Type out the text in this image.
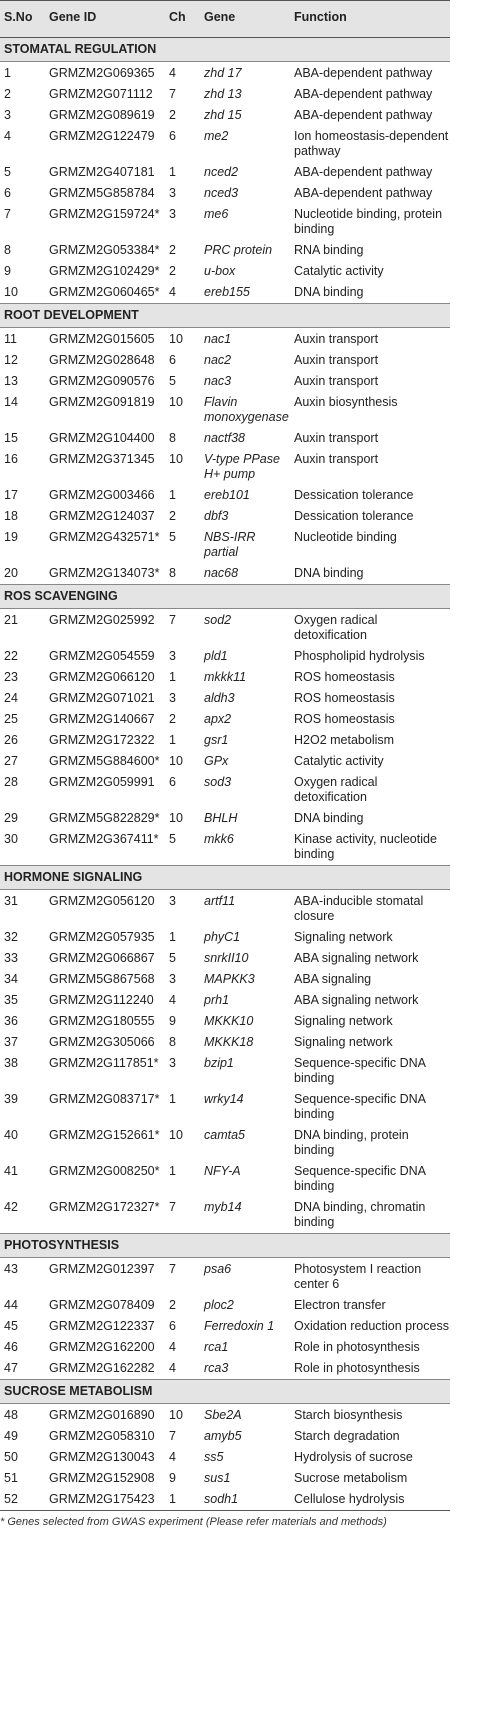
S.No	Gene ID	Ch	Gene	Function
STOMATAL REGULATION				
1	GRMZM2G069365	4	zhd 17	ABA-dependent pathway
2	GRMZM2G071112	7	zhd 13	ABA-dependent pathway
3	GRMZM2G089619	2	zhd 15	ABA-dependent pathway
4	GRMZM2G122479	6	me2	Ion homeostasis-dependent pathway
5	GRMZM2G407181	1	nced2	ABA-dependent pathway
6	GRMZM5G858784	3	nced3	ABA-dependent pathway
7	GRMZM2G159724*	3	me6	Nucleotide binding, protein binding
8	GRMZM2G053384*	2	PRC protein	RNA binding
9	GRMZM2G102429*	2	u-box	Catalytic activity
10	GRMZM2G060465*	4	ereb155	DNA binding
ROOT DEVELOPMENT				
11	GRMZM2G015605	10	nac1	Auxin transport
12	GRMZM2G028648	6	nac2	Auxin transport
13	GRMZM2G090576	5	nac3	Auxin transport
14	GRMZM2G091819	10	Flavin monoxygenase	Auxin biosynthesis
15	GRMZM2G104400	8	nactf38	Auxin transport
16	GRMZM2G371345	10	V-type PPase H+ pump	Auxin transport
17	GRMZM2G003466	1	ereb101	Dessication tolerance
18	GRMZM2G124037	2	dbf3	Dessication tolerance
19	GRMZM2G432571*	5	NBS-IRR partial	Nucleotide binding
20	GRMZM2G134073*	8	nac68	DNA binding
ROS SCAVENGING				
21	GRMZM2G025992	7	sod2	Oxygen radical detoxification
22	GRMZM2G054559	3	pld1	Phospholipid hydrolysis
23	GRMZM2G066120	1	mkkk11	ROS homeostasis
24	GRMZM2G071021	3	aldh3	ROS homeostasis
25	GRMZM2G140667	2	apx2	ROS homeostasis
26	GRMZM2G172322	1	gsr1	H2O2 metabolism
27	GRMZM5G884600*	10	GPx	Catalytic activity
28	GRMZM2G059991	6	sod3	Oxygen radical detoxification
29	GRMZM5G822829*	10	BHLH	DNA binding
30	GRMZM2G367411*	5	mkk6	Kinase activity, nucleotide binding
HORMONE SIGNALING				
31	GRMZM2G056120	3	artf11	ABA-inducible stomatal closure
32	GRMZM2G057935	1	phyC1	Signaling network
33	GRMZM2G066867	5	snrkII10	ABA signaling network
34	GRMZM5G867568	3	MAPKK3	ABA signaling
35	GRMZM2G112240	4	prh1	ABA signaling network
36	GRMZM2G180555	9	MKKK10	Signaling network
37	GRMZM2G305066	8	MKKK18	Signaling network
38	GRMZM2G117851*	3	bzip1	Sequence-specific DNA binding
39	GRMZM2G083717*	1	wrky14	Sequence-specific DNA binding
40	GRMZM2G152661*	10	camta5	DNA binding, protein binding
41	GRMZM2G008250*	1	NFY-A	Sequence-specific DNA binding
42	GRMZM2G172327*	7	myb14	DNA binding, chromatin binding
PHOTOSYNTHESIS				
43	GRMZM2G012397	7	psa6	Photosystem I reaction center 6
44	GRMZM2G078409	2	ploc2	Electron transfer
45	GRMZM2G122337	6	Ferredoxin 1	Oxidation reduction process
46	GRMZM2G162200	4	rca1	Role in photosynthesis
47	GRMZM2G162282	4	rca3	Role in photosynthesis
SUCROSE METABOLISM				
48	GRMZM2G016890	10	Sbe2A	Starch biosynthesis
49	GRMZM2G058310	7	amyb5	Starch degradation
50	GRMZM2G130043	4	ss5	Hydrolysis of sucrose
51	GRMZM2G152908	9	sus1	Sucrose metabolism
52	GRMZM2G175423	1	sodh1	Cellulose hydrolysis
* Genes selected from GWAS experiment (Please refer materials and methods)
